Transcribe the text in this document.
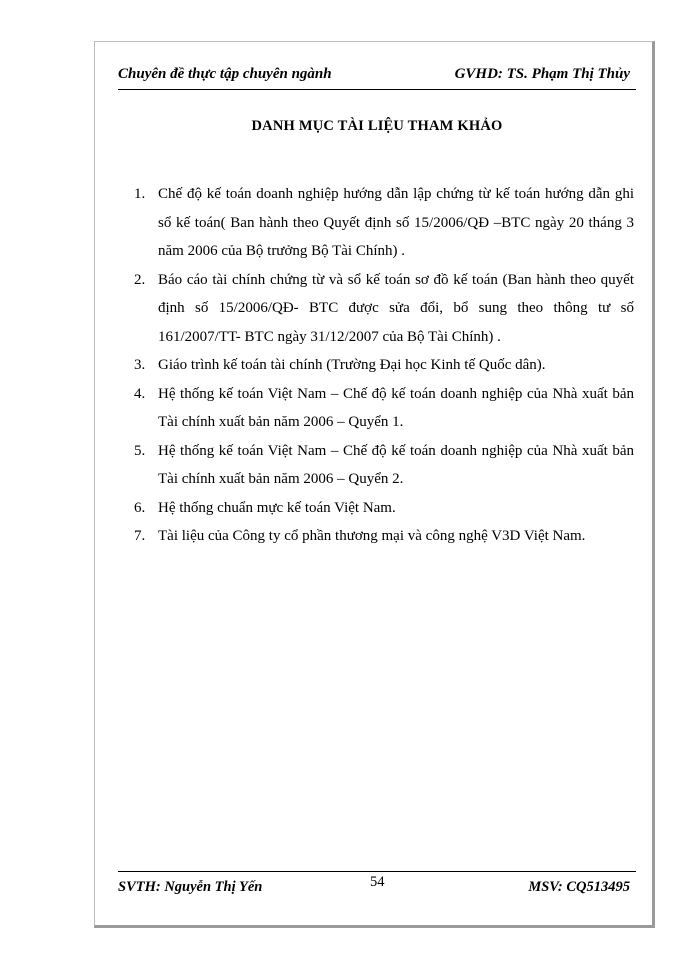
Chuyên đề thực tập chuyên ngành	GVHD: TS. Phạm Thị Thủy
DANH MỤC TÀI LIỆU THAM KHẢO

1. Chế độ kế toán doanh nghiệp hướng dẫn lập chứng từ kế toán hướng dẫn ghi sổ kế toán( Ban hành theo Quyết định số 15/2006/QĐ –BTC ngày 20 tháng 3 năm 2006 của Bộ trưởng Bộ Tài Chính) .

2. Báo cáo tài chính chứng từ và sổ kế toán sơ đồ kế toán (Ban hành theo quyết định số 15/2006/QĐ- BTC được sửa đổi, bổ sung theo thông tư số 161/2007/TT- BTC ngày 31/12/2007 của Bộ Tài Chính) .

3. Giáo trình kế toán tài chính (Trường Đại học Kinh tế Quốc dân).

4. Hệ thống kế toán Việt Nam – Chế độ kế toán doanh nghiệp của Nhà xuất bản Tài chính xuất bản năm 2006 – Quyển 1.

5. Hệ thống kế toán Việt Nam – Chế độ kế toán doanh nghiệp của Nhà xuất bản Tài chính xuất bản năm 2006 – Quyển 2.

6. Hệ thống chuẩn mực kế toán Việt Nam.

7. Tài liệu của Công ty cổ phần thương mại và công nghệ V3D Việt Nam.

SVTH: Nguyễn Thị Yến	54	MSV: CQ513495
